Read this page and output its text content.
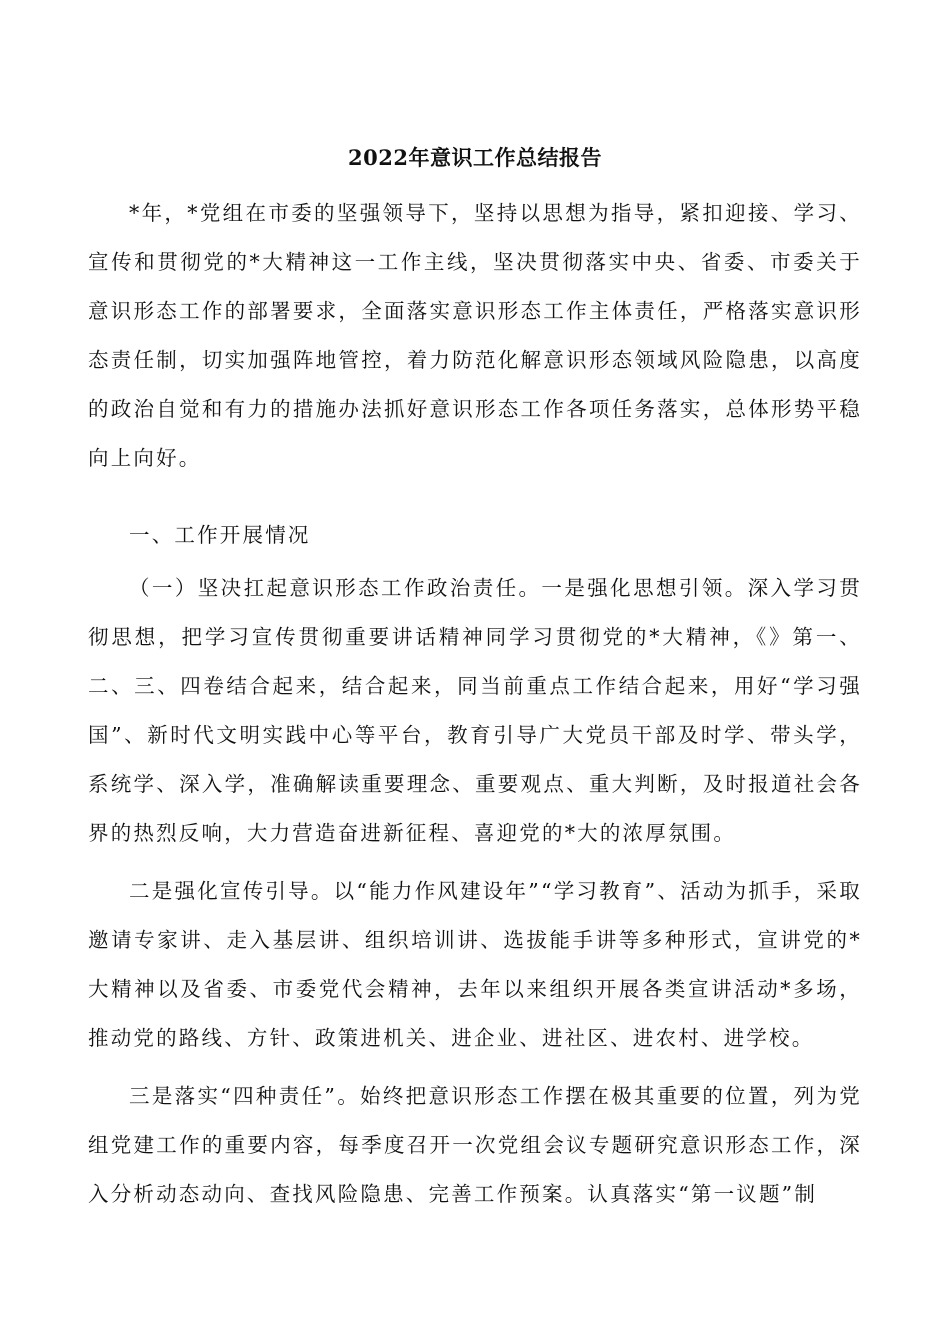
2022年意识工作总结报告

*年，*党组在市委的坚强领导下，坚持以思想为指导，紧扣迎接、学习、宣传和贯彻党的*大精神这一工作主线，坚决贯彻落实中央、省委、市委关于意识形态工作的部署要求，全面落实意识形态工作主体责任，严格落实意识形态责任制，切实加强阵地管控，着力防范化解意识形态领域风险隐患，以高度的政治自觉和有力的措施办法抓好意识形态工作各项任务落实，总体形势平稳向上向好。

一、工作开展情况

（一）坚决扛起意识形态工作政治责任。一是强化思想引领。深入学习贯彻思想，把学习宣传贯彻重要讲话精神同学习贯彻党的*大精神，《》第一、二、三、四卷结合起来，结合起来，同当前重点工作结合起来，用好“学习强国”、新时代文明实践中心等平台，教育引导广大党员干部及时学、带头学，系统学、深入学，准确解读重要理念、重要观点、重大判断，及时报道社会各界的热烈反响，大力营造奋进新征程、喜迎党的*大的浓厚氛围。

二是强化宣传引导。以“能力作风建设年”“学习教育”、活动为抓手，采取邀请专家讲、走入基层讲、组织培训讲、选拔能手讲等多种形式，宣讲党的*大精神以及省委、市委党代会精神，去年以来组织开展各类宣讲活动*多场，推动党的路线、方针、政策进机关、进企业、进社区、进农村、进学校。

三是落实“四种责任”。始终把意识形态工作摆在极其重要的位置，列为党组党建工作的重要内容，每季度召开一次党组会议专题研究意识形态工作，深入分析动态动向、查找风险隐患、完善工作预案。认真落实“第一议题”制
